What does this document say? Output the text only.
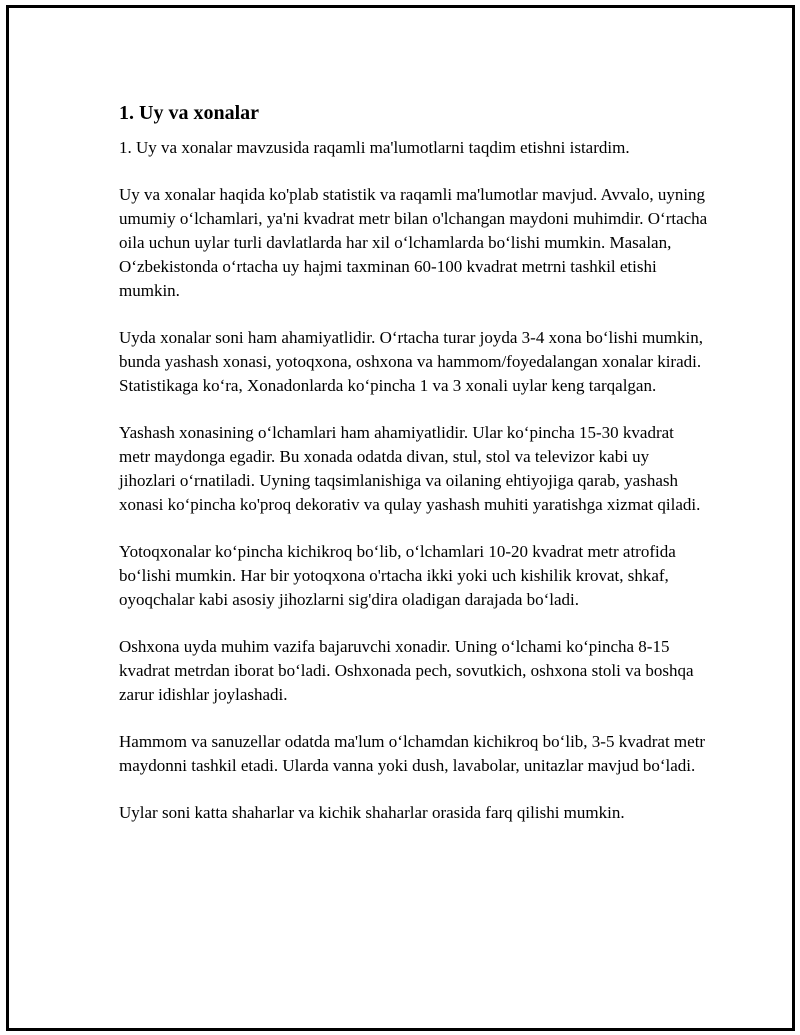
1. Uy va xonalar

1. Uy va xonalar mavzusida raqamli ma'lumotlarni taqdim etishni istardim.

Uy va xonalar haqida ko'plab statistik va raqamli ma'lumotlar mavjud. Avvalo, uyning umumiy o‘lchamlari, ya'ni kvadrat metr bilan o'lchangan maydoni muhimdir. O‘rtacha oila uchun uylar turli davlatlarda har xil o‘lchamlarda bo‘lishi mumkin. Masalan, O‘zbekistonda o‘rtacha uy hajmi taxminan 60-100 kvadrat metrni tashkil etishi mumkin.

Uyda xonalar soni ham ahamiyatlidir. O‘rtacha turar joyda 3-4 xona bo‘lishi mumkin, bunda yashash xonasi, yotoqxona, oshxona va hammom/foyedalangan xonalar kiradi. Statistikaga ko‘ra, Xonadonlarda ko‘pincha 1 va 3 xonali uylar keng tarqalgan.

Yashash xonasining o‘lchamlari ham ahamiyatlidir. Ular ko‘pincha 15-30 kvadrat metr maydonga egadir. Bu xonada odatda divan, stul, stol va televizor kabi uy jihozlari o‘rnatiladi. Uyning taqsimlanishiga va oilaning ehtiyojiga qarab, yashash xonasi ko‘pincha ko'proq dekorativ va qulay yashash muhiti yaratishga xizmat qiladi.

Yotoqxonalar ko‘pincha kichikroq bo‘lib, o‘lchamlari 10-20 kvadrat metr atrofida bo‘lishi mumkin. Har bir yotoqxona o'rtacha ikki yoki uch kishilik krovat, shkaf, oyoqchalar kabi asosiy jihozlarni sig'dira oladigan darajada bo‘ladi.

Oshxona uyda muhim vazifa bajaruvchi xonadir. Uning o‘lchami ko‘pincha 8-15 kvadrat metrdan iborat bo‘ladi. Oshxonada pech, sovutkich, oshxona stoli va boshqa zarur idishlar joylashadi.

Hammom va sanuzellar odatda ma'lum o‘lchamdan kichikroq bo‘lib, 3-5 kvadrat metr maydonni tashkil etadi. Ularda vanna yoki dush, lavabolar, unitazlar mavjud bo‘ladi.

Uylar soni katta shaharlar va kichik shaharlar orasida farq qilishi mumkin.
